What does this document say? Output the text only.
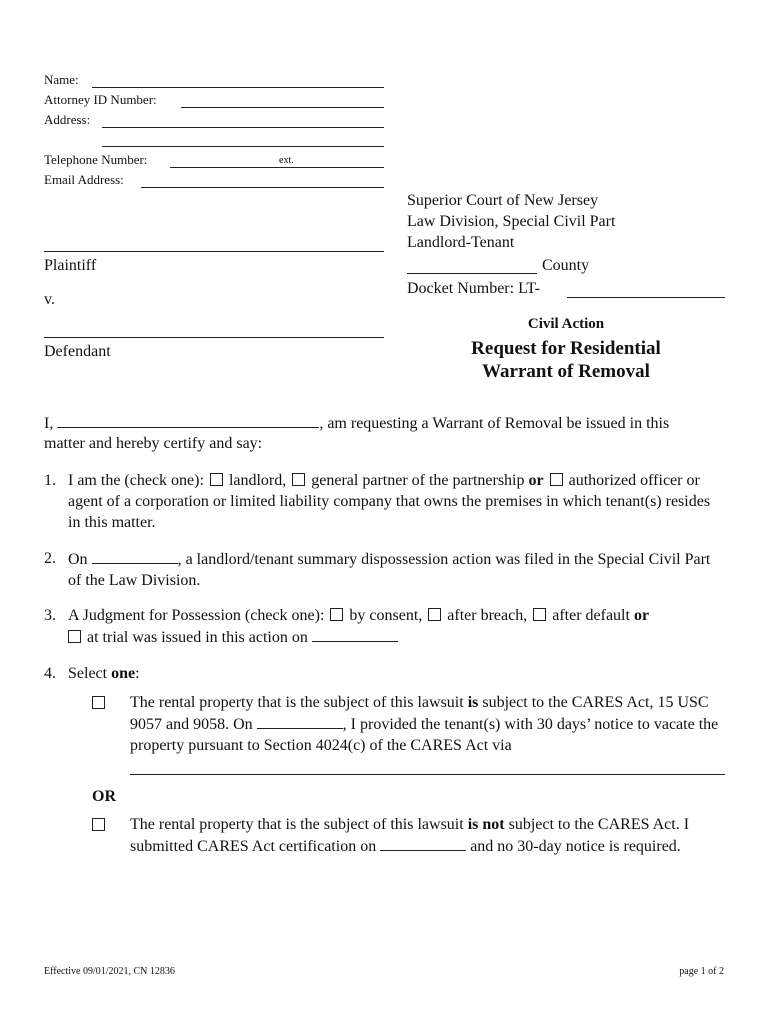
Name:
Attorney ID Number:
Address:
Telephone Number:	ext.
Email Address:
Superior Court of New Jersey
Law Division, Special Civil Part
Landlord-Tenant
County
Docket Number: LT-
Plaintiff
v.
Defendant
Civil Action
Request for Residential
Warrant of Removal
I,	, am requesting a Warrant of Removal be issued in this
matter and hereby certify and say:
1. I am the (check one): landlord, general partner of the partnership or authorized officer or agent of a corporation or limited liability company that owns the premises in which tenant(s) resides in this matter.
2. On	, a landlord/tenant summary dispossession action was filed in the Special Civil Part of the Law Division.
3. A Judgment for Possession (check one): by consent, after breach, after default or
at trial was issued in this action on
4. Select one:
The rental property that is the subject of this lawsuit is subject to the CARES Act, 15 USC 9057 and 9058. On	, I provided the tenant(s) with 30 days’ notice to vacate the property pursuant to Section 4024(c) of the CARES Act via
OR
The rental property that is the subject of this lawsuit is not subject to the CARES Act. I submitted CARES Act certification on	and no 30-day notice is required.
Effective 09/01/2021, CN 12836	page 1 of 2
